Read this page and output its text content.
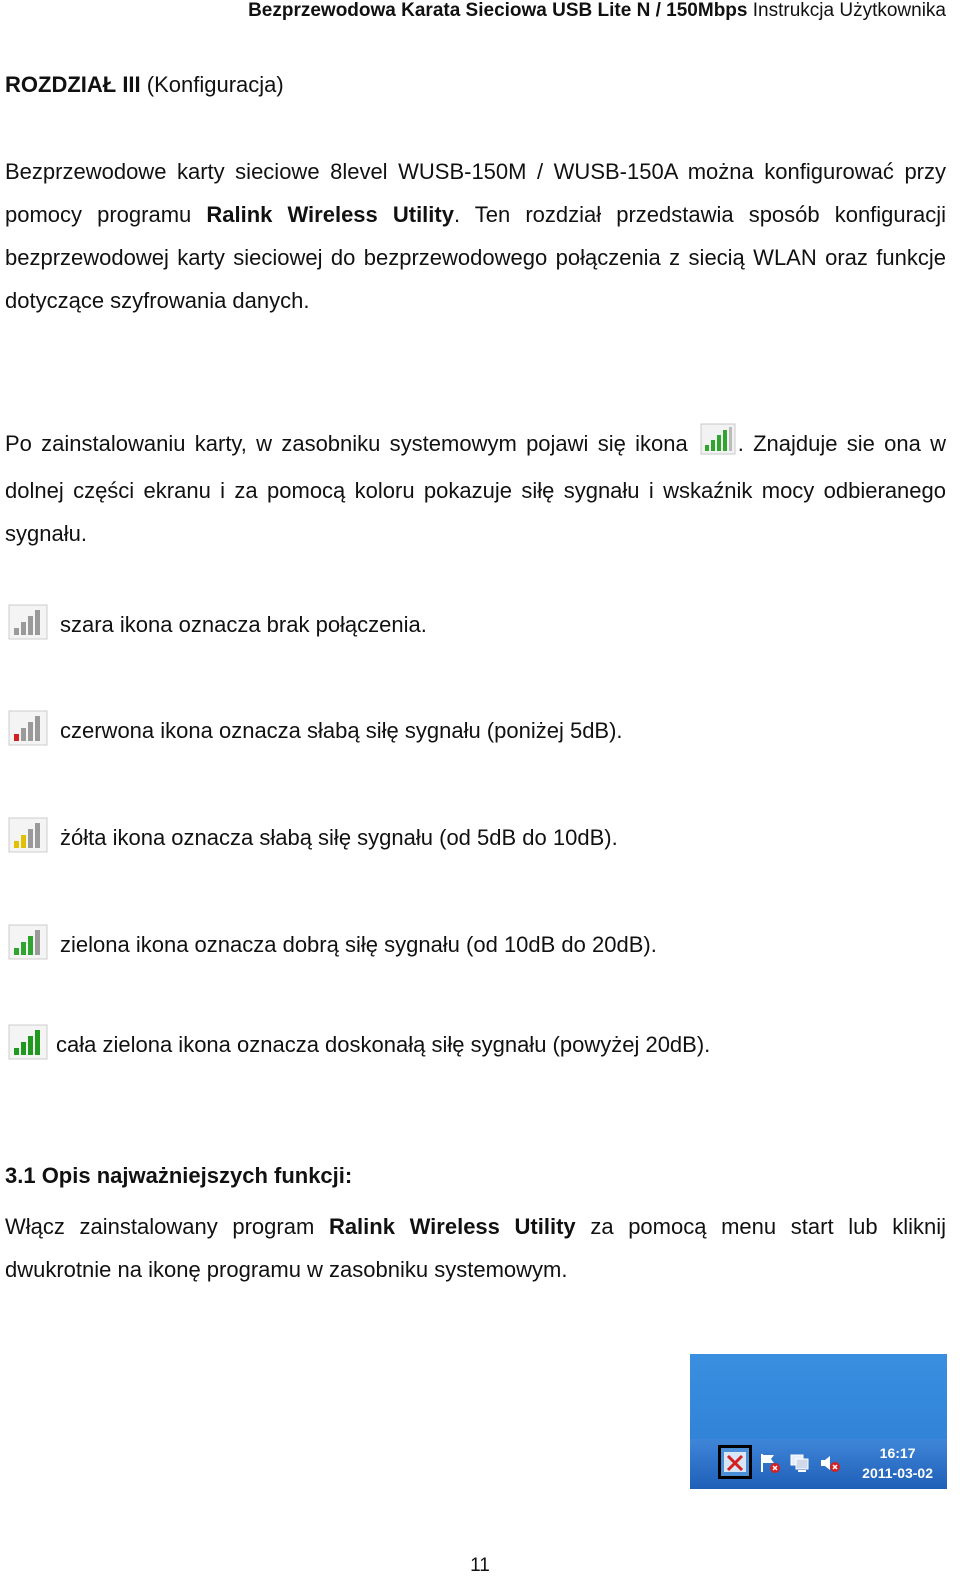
Bezprzewodowa Karata Sieciowa USB Lite N / 150Mbps Instrukcja Użytkownika
ROZDZIAŁ III (Konfiguracja)
Bezprzewodowe karty sieciowe 8level WUSB-150M / WUSB-150A można konfigurować przy pomocy programu Ralink Wireless Utility. Ten rozdział przedstawia sposób konfiguracji bezprzewodowej karty sieciowej do bezprzewodowego połączenia z siecią WLAN oraz funkcje dotyczące szyfrowania danych.
Po zainstalowaniu karty, w zasobniku systemowym pojawi się ikona . Znajduje sie ona w dolnej części ekranu i za pomocą koloru pokazuje siłę sygnału i wskaźnik mocy odbieranego sygnału.
szara ikona oznacza brak połączenia.
czerwona ikona oznacza słabą siłę sygnału (poniżej 5dB).
żółta ikona oznacza słabą siłę sygnału (od 5dB do 10dB).
zielona ikona oznacza dobrą siłę sygnału (od 10dB do 20dB).
cała zielona ikona oznacza doskonałą siłę sygnału (powyżej 20dB).
3.1 Opis najważniejszych funkcji:
Włącz zainstalowany program Ralink Wireless Utility za pomocą menu start lub kliknij dwukrotnie na ikonę programu w zasobniku systemowym.
16:17
2011-03-02
11
